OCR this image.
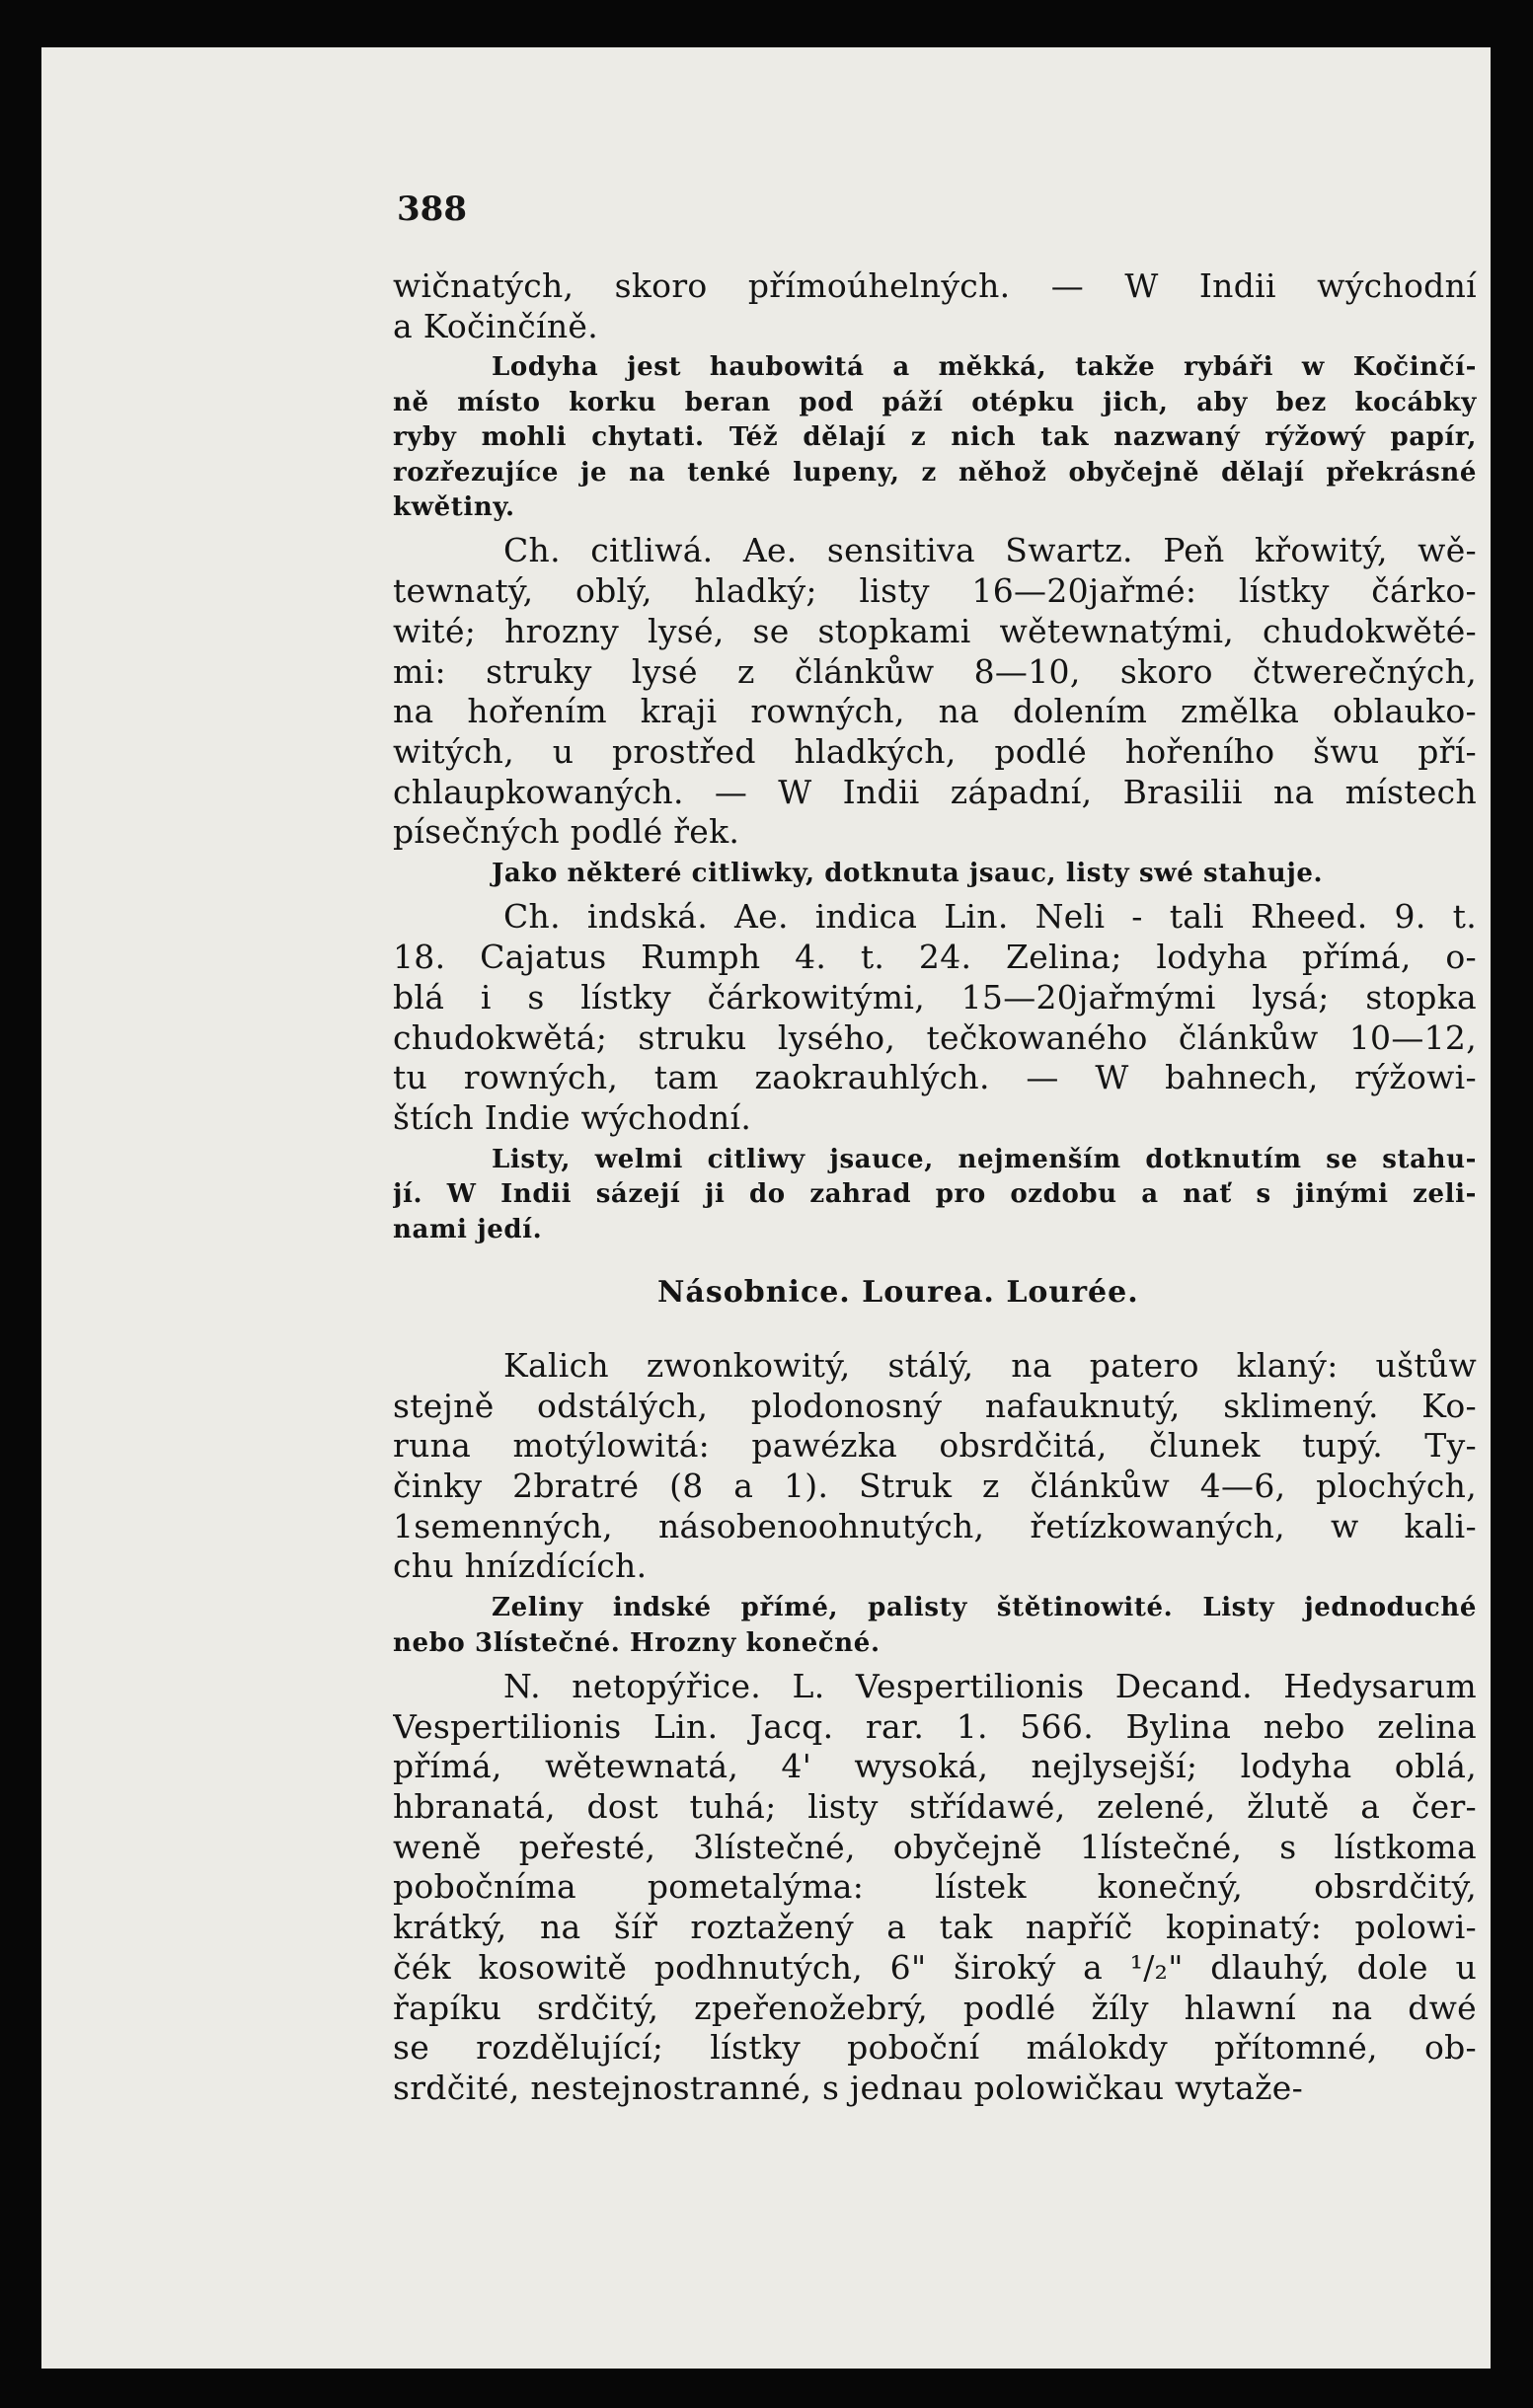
388
wičnatých, skoro přímoúhelných. — W Indii wýchodní
a Kočinčíně.
Lodyha jest haubowitá a měkká, takže rybáři w Kočinčí-
ně místo korku beran pod páží otépku jich, aby bez kocábky
ryby mohli chytati. Též dělají z nich tak nazwaný rýžowý papír,
rozřezujíce je na tenké lupeny, z něhož obyčejně dělají překrásné
kwětiny.
Ch. citliwá. Ae. sensitiva Swartz. Peň křowitý, wě-
tewnatý, oblý, hladký; listy 16—20jařmé: lístky čárko-
wité; hrozny lysé, se stopkami wětewnatými, chudokwěté-
mi: struky lysé z článkůw 8—10, skoro čtwerečných,
na hořením kraji rowných, na dolením změlka oblauko-
witých, u prostřed hladkých, podlé hořeního šwu pří-
chlaupkowaných. — W Indii západní, Brasilii na místech
písečných podlé řek.
Jako některé citliwky, dotknuta jsauc, listy swé stahuje.
Ch. indská. Ae. indica Lin. Neli - tali Rheed. 9. t.
18. Cajatus Rumph 4. t. 24. Zelina; lodyha přímá, o-
blá i s lístky čárkowitými, 15—20jařmými lysá; stopka
chudokwětá; struku lysého, tečkowaného článkůw 10—12,
tu rowných, tam zaokrauhlých. — W bahnech, rýžowi-
štích Indie wýchodní.
Listy, welmi citliwy jsauce, nejmenším dotknutím se stahu-
jí. W Indii sázejí ji do zahrad pro ozdobu a nať s jinými zeli-
nami jedí.
Násobnice. Lourea. Lourée.
Kalich zwonkowitý, stálý, na patero klaný: uštůw
stejně odstálých, plodonosný nafauknutý, sklimený. Ko-
runa motýlowitá: pawézka obsrdčitá, člunek tupý. Ty-
činky 2bratré (8 a 1). Struk z článkůw 4—6, plochých,
1semenných, násobenoohnutých, řetízkowaných, w kali-
chu hnízdících.
Zeliny indské přímé, palisty štětinowité. Listy jednoduché
nebo 3lístečné. Hrozny konečné.
N. netopýřice. L. Vespertilionis Decand. Hedysarum
Vespertilionis Lin. Jacq. rar. 1. 566. Bylina nebo zelina
přímá, wětewnatá, 4' wysoká, nejlysejší; lodyha oblá,
hbranatá, dost tuhá; listy střídawé, zelené, žlutě a čer-
weně peřesté, 3lístečné, obyčejně 1lístečné, s lístkoma
pobočníma pometalýma: lístek konečný, obsrdčitý,
krátký, na šíř roztažený a tak napříč kopinatý: polowi-
čék kosowitě podhnutých, 6" široký a ¹/₂" dlauhý, dole u
řapíku srdčitý, zpeřenožebrý, podlé žíly hlawní na dwé
se rozdělující; lístky poboční málokdy přítomné, ob-
srdčité, nestejnostranné, s jednau polowičkau wytaže-
